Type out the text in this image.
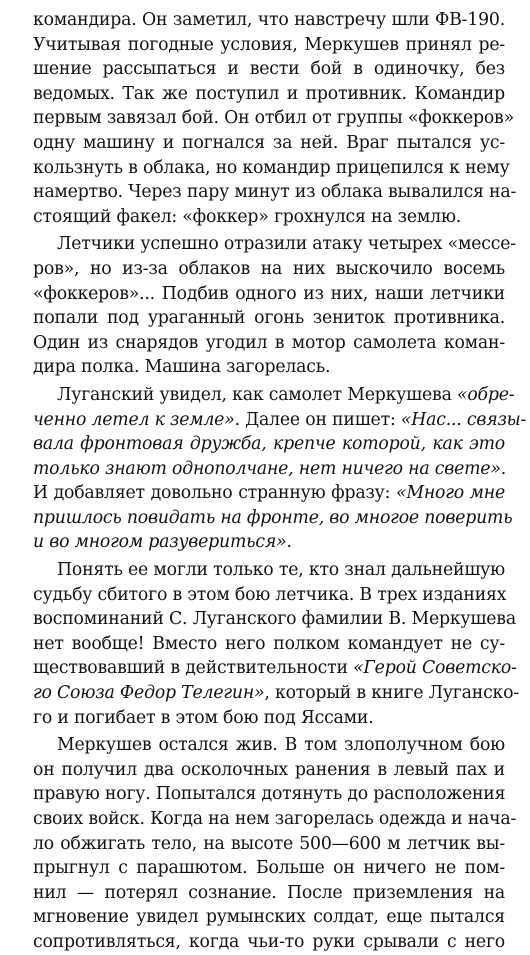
командира. Он заметил, что навстречу шли ФВ-190.
Учитывая погодные условия, Меркушев принял ре-
шение рассыпаться и вести бой в одиночку, без
ведомых. Так же поступил и противник. Командир
первым завязал бой. Он отбил от группы «фоккеров»
одну машину и погнался за ней. Враг пытался ус-
кользнуть в облака, но командир прицепился к нему
намертво. Через пару минут из облака вывалился на-
стоящий факел: «фоккер» грохнулся на землю.
Летчики успешно отразили атаку четырех «мессе-
ров», но из-за облаков на них выскочило восемь
«фоккеров»... Подбив одного из них, наши летчики
попали под ураганный огонь зениток противника.
Один из снарядов угодил в мотор самолета коман-
дира полка. Машина загорелась.
Луганский увидел, как самолет Меркушева «обре-
ченно летел к земле». Далее он пишет: «Нас... связы-
вала фронтовая дружба, крепче которой, как это
только знают однополчане, нет ничего на свете».
И добавляет довольно странную фразу: «Много мне
пришлось повидать на фронте, во многое поверить
и во многом разувериться».
Понять ее могли только те, кто знал дальнейшую
судьбу сбитого в этом бою летчика. В трех изданиях
воспоминаний С. Луганского фамилии В. Меркушева
нет вообще! Вместо него полком командует не су-
ществовавший в действительности «Герой Советско-
го Союза Федор Телегин», который в книге Луганско-
го и погибает в этом бою под Яссами.
Меркушев остался жив. В том злополучном бою
он получил два осколочных ранения в левый пах и
правую ногу. Попытался дотянуть до расположения
своих войск. Когда на нем загорелась одежда и нача-
ло обжигать тело, на высоте 500—600 м летчик вы-
прыгнул с парашютом. Больше он ничего не пом-
нил — потерял сознание. После приземления на
мгновение увидел румынских солдат, еще пытался
сопротивляться, когда чьи-то руки срывали с него
